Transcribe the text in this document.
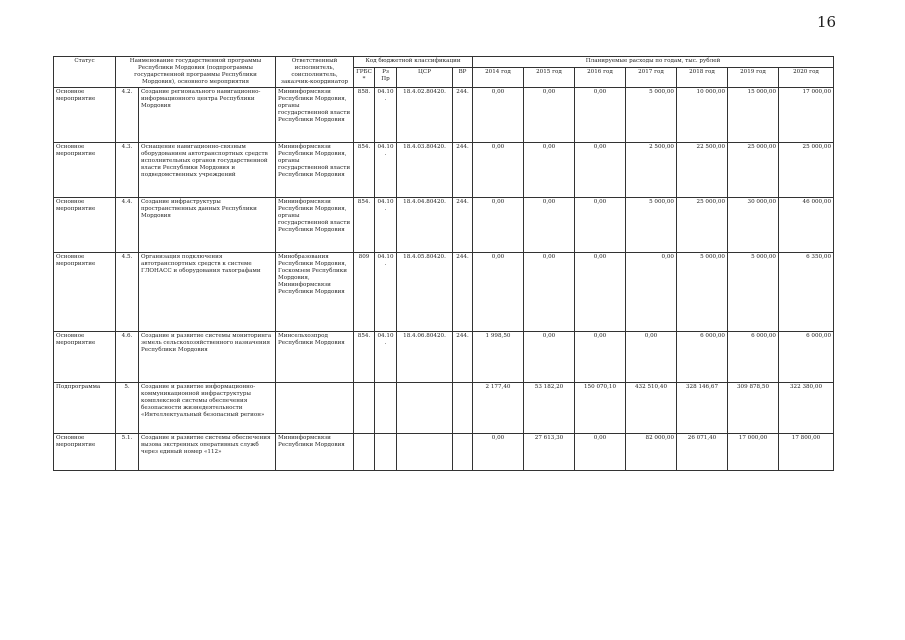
16
Статус	Наименование государственной программы Республики Мордовия (подпрограммы государственной программы Республики Мордовия), основного мероприятия		Ответственный исполнитель, соисполнитель, заказчик-координатор	Код бюджетной классификации				Планируемые расходы по годам, тыс. рублей						
				ГРБС*	Рз Пр	ЦСР	ВР	2014 год	2015 год	2016 год	2017 год	2018 год	2019 год	2020 год
Основное мероприятие	4.2.	Создание регионального навигационно-информационного центра Республики Мордовия	Мининформсвязи Республики Мордовия, органы государственной власти Республики Мордовия	858.	04.10.	18.4.02.80420.	244.	0,00	0,00	0,00	5 000,00	10 000,00	15 000,00	17 000,00
Основное мероприятие	4.3.	Оснащение навигационно-связным оборудованием автотранспортных средств исполнительных органов государственной власти Республики Мордовия и подведомственных учреждений	Мининформсвязи Республики Мордовия, органы государственной власти Республики Мордовия	854.	04.10.	18.4.03.80420.	244.	0,00	0,00	0,00	2 500,00	22 500,00	25 000,00	25 000,00
Основное мероприятие	4.4.	Создание инфраструктуры пространственных данных Республики Мордовия	Мининформсвязи Республики Мордовия, органы государственной власти Республики Мордовия	854.	04.10.	18.4.04.80420.	244.	0,00	0,00	0,00	5 000,00	25 000,00	30 000,00	46 000,00
Основное мероприятие	4.5.	Организация подключения автотранспортных средств к системе ГЛОНАСС и оборудования тахографами	Минобразования Республики Мордовия, Госкомзем Республики Мордовия, Мининформсвязи Республики Мордовия	809	04.10.	18.4.05.80420.	244.	0,00	0,00	0,00	0,00	5 000,00	5 000,00	6 350,00
Основное мероприятие	4.6.	Создание и развитие системы мониторинга земель сельскохозяйственного назначения Республики Мордовия	Минсельхозпрод Республики Мордовия	854.	04.10.	18.4.06.80420.	244.	1 998,50	0,00	0,00	0,00	6 000,00	6 000,00	6 000,00
Подпрограмма	5.	Создание и развитие информационно-коммуникационной инфраструктуры комплексной системы обеспечения безопасности жизнедеятельности «Интеллектуальный безопасный регион»						2 177,40	53 182,20	150 070,10	432 510,40	328 146,67	309 878,50	322 380,00
Основное мероприятие	5.1.	Создание и развитие системы обеспечения вызова экстренных оперативных служб через единый номер «112»	Мининформсвязи Республики Мордовия					0,00	27 613,30	0,00	82 000,00	26 071,40	17 000,00	17 800,00
